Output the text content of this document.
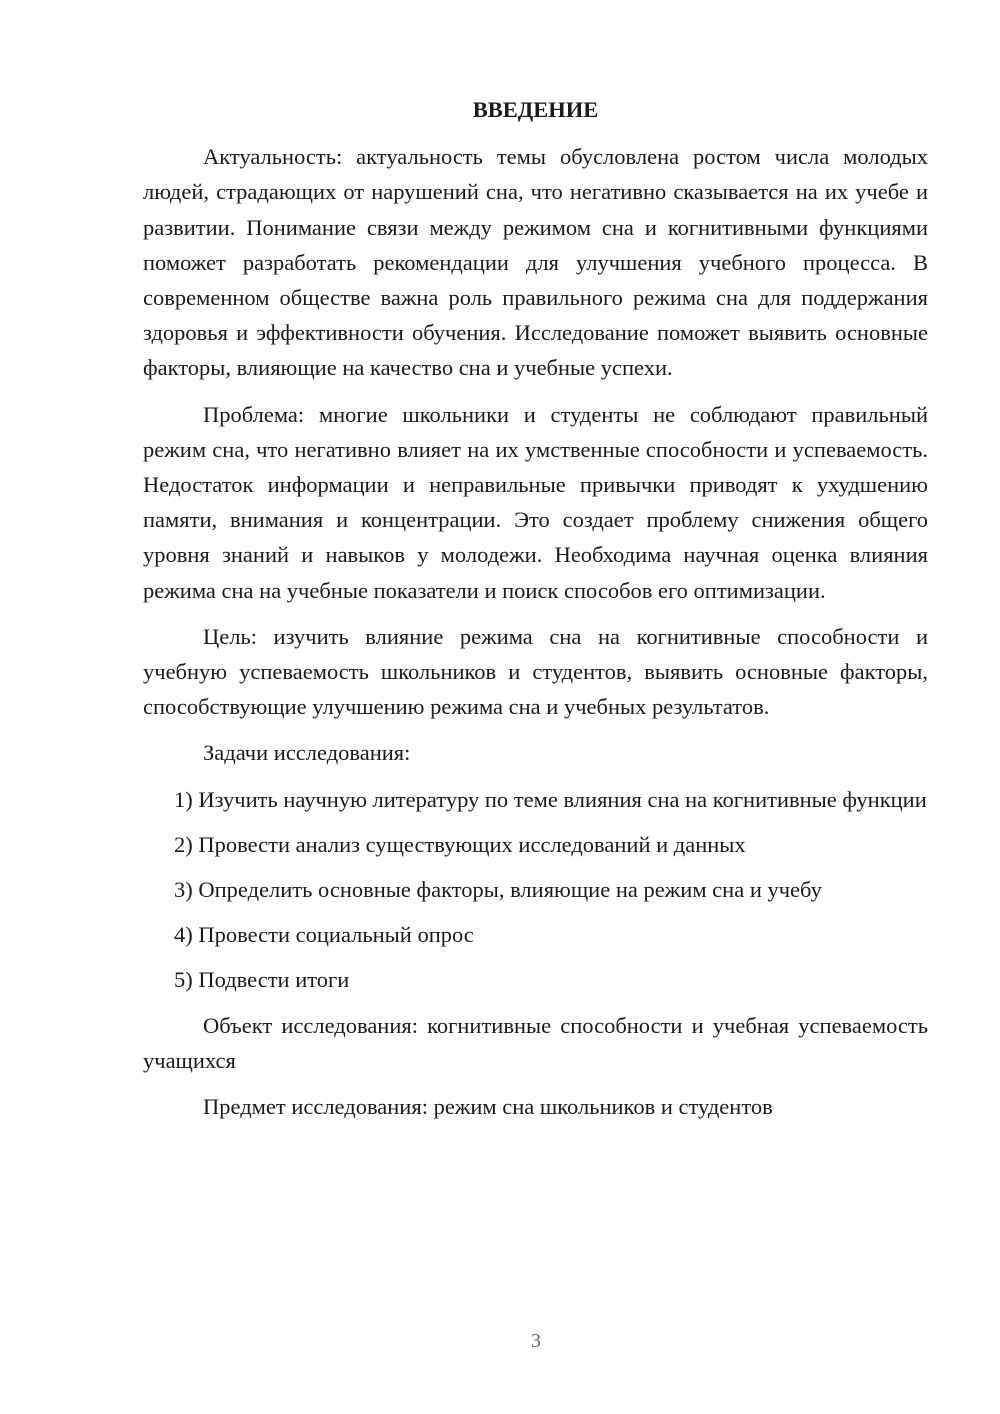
ВВЕДЕНИЕ

Актуальность: актуальность темы обусловлена ростом числа молодых людей, страдающих от нарушений сна, что негативно сказывается на их учебе и развитии. Понимание связи между режимом сна и когнитивными функциями поможет разработать рекомендации для улучшения учебного процесса. В современном обществе важна роль правильного режима сна для поддержания здоровья и эффективности обучения. Исследование поможет выявить основные факторы, влияющие на качество сна и учебные успехи.

Проблема: многие школьники и студенты не соблюдают правильный режим сна, что негативно влияет на их умственные способности и успеваемость. Недостаток информации и неправильные привычки приводят к ухудшению памяти, внимания и концентрации. Это создает проблему снижения общего уровня знаний и навыков у молодежи. Необходима научная оценка влияния режима сна на учебные показатели и поиск способов его оптимизации.

Цель: изучить влияние режима сна на когнитивные способности и учебную успеваемость школьников и студентов, выявить основные факторы, способствующие улучшению режима сна и учебных результатов.

Задачи исследования:

1) Изучить научную литературу по теме влияния сна на когнитивные функции

2) Провести анализ существующих исследований и данных

3) Определить основные факторы, влияющие на режим сна и учебу

4) Провести социальный опрос

5) Подвести итоги

Объект исследования: когнитивные способности и учебная успеваемость учащихся

Предмет исследования: режим сна школьников и студентов

3
